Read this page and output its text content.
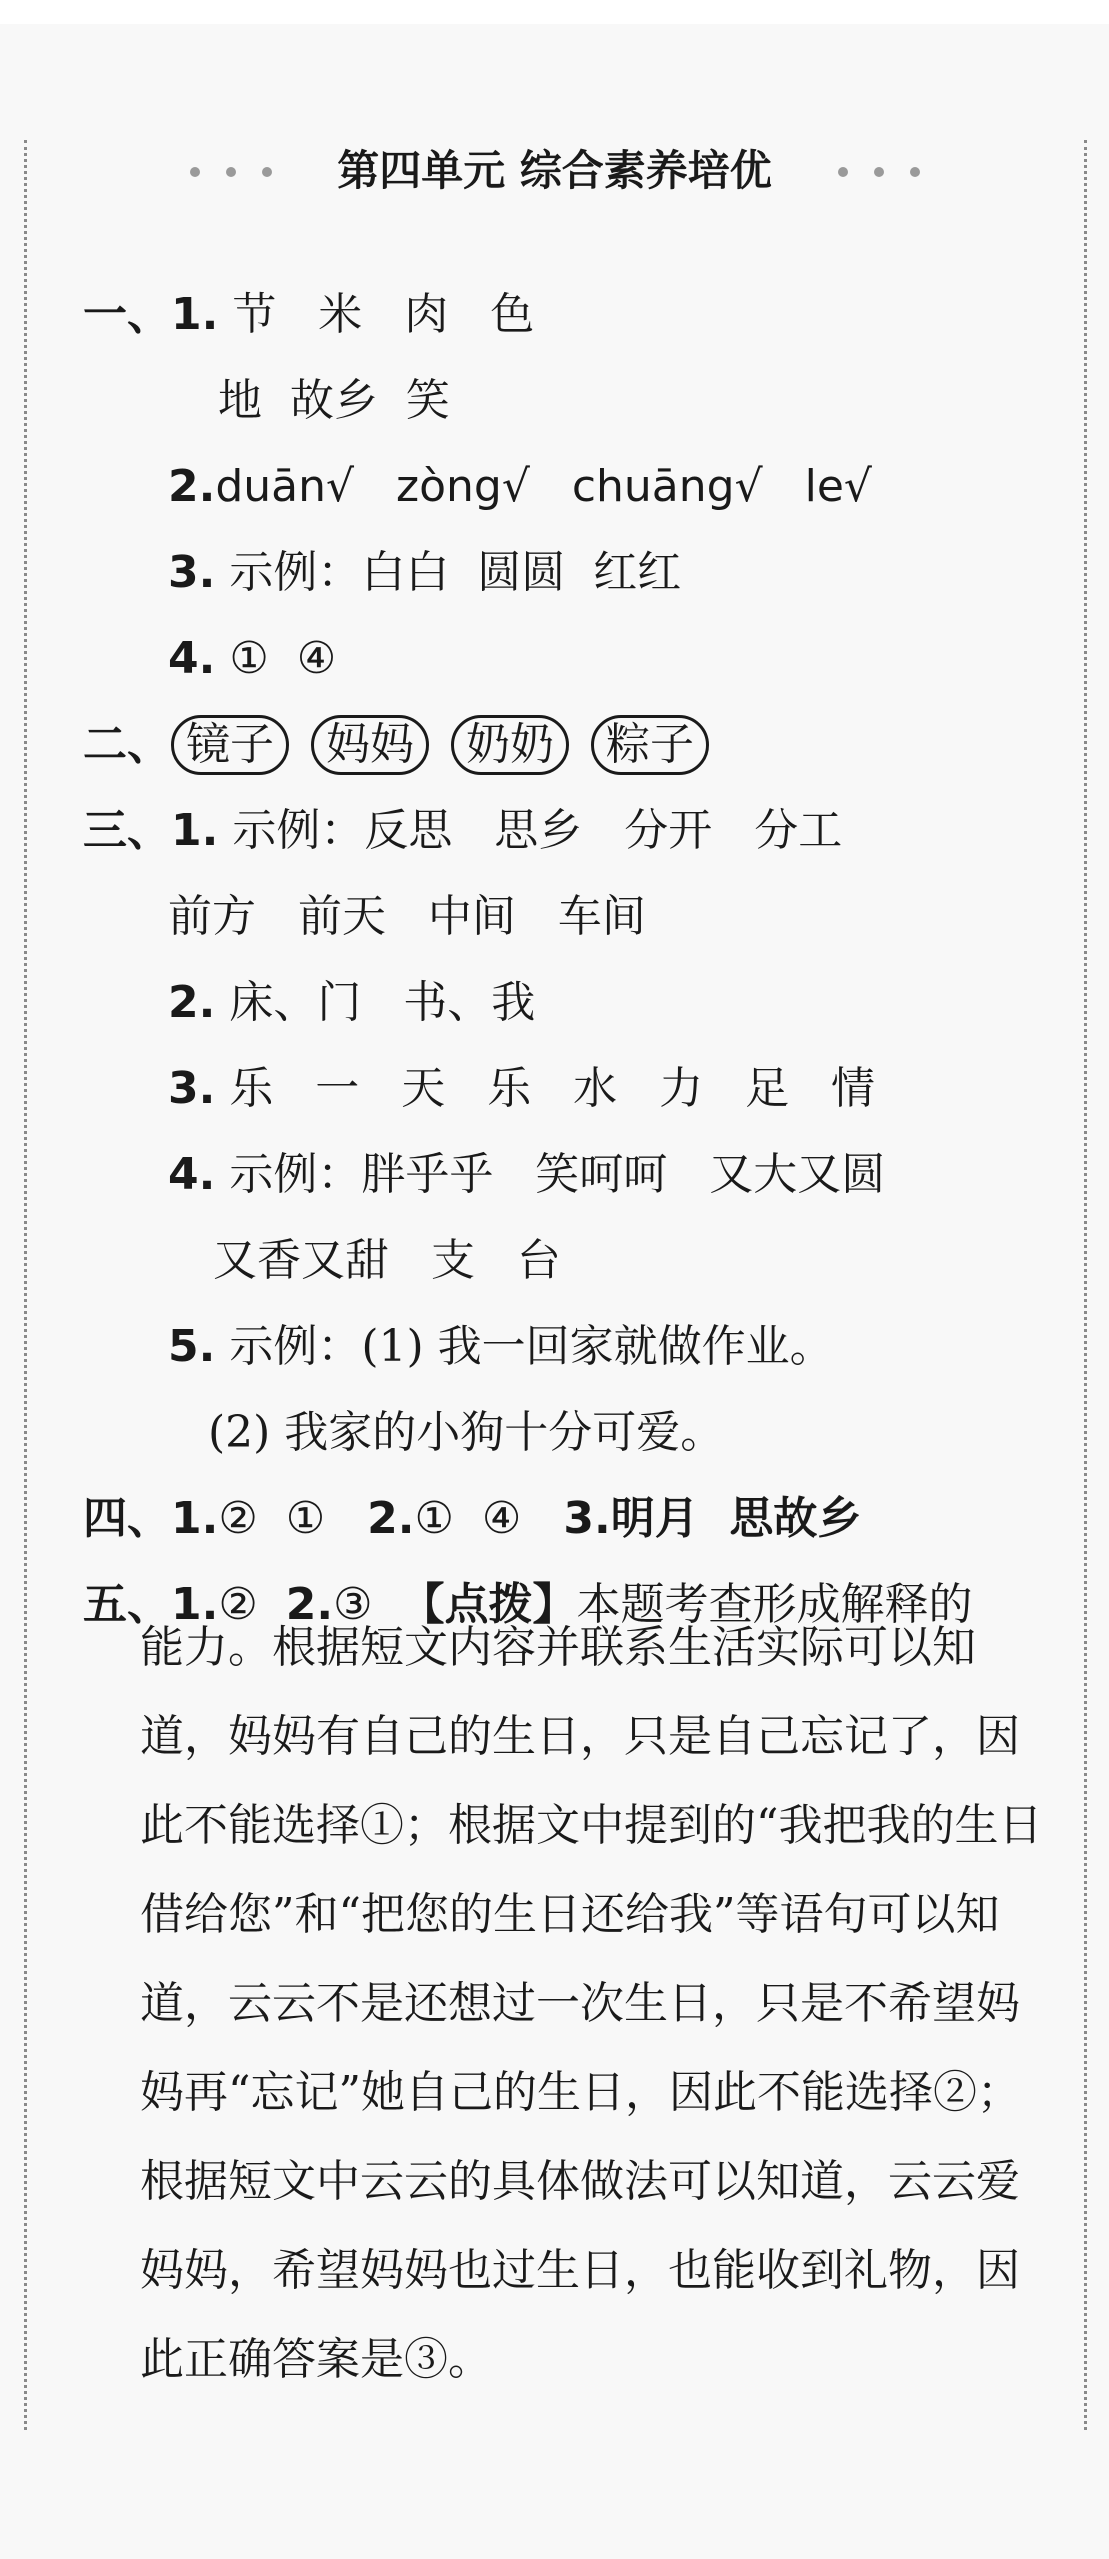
第四单元 综合素养培优

一、1. 节   米   肉   色

地  故乡  笑

2.duān√ zòng√ chuāng√ le√

3. 示例：白白  圆圆  红红

4. ①  ④

二、 镜子 妈妈 奶奶 粽子

三、1. 示例：反思   思乡   分开   分工

前方   前天   中间   车间

2. 床、门   书、我

3. 乐   一   天   乐   水   力   足   情

4. 示例：胖乎乎   笑呵呵   又大又圆

又香又甜   支   台

5. 示例：(1) 我一回家就做作业。

(2) 我家的小狗十分可爱。

四、1.②  ① 2.①  ④ 3.明月  思故乡

五、1.② 2.③ 【点拨】本题考查形成解释的

能力。根据短文内容并联系生活实际可以知道，妈妈有自己的生日，只是自己忘记了，因此不能选择①；根据文中提到的“我把我的生日借给您”和“把您的生日还给我”等语句可以知道，云云不是还想过一次生日，只是不希望妈妈再“忘记”她自己的生日，因此不能选择②；根据短文中云云的具体做法可以知道，云云爱妈妈，希望妈妈也过生日，也能收到礼物，因此正确答案是③。
